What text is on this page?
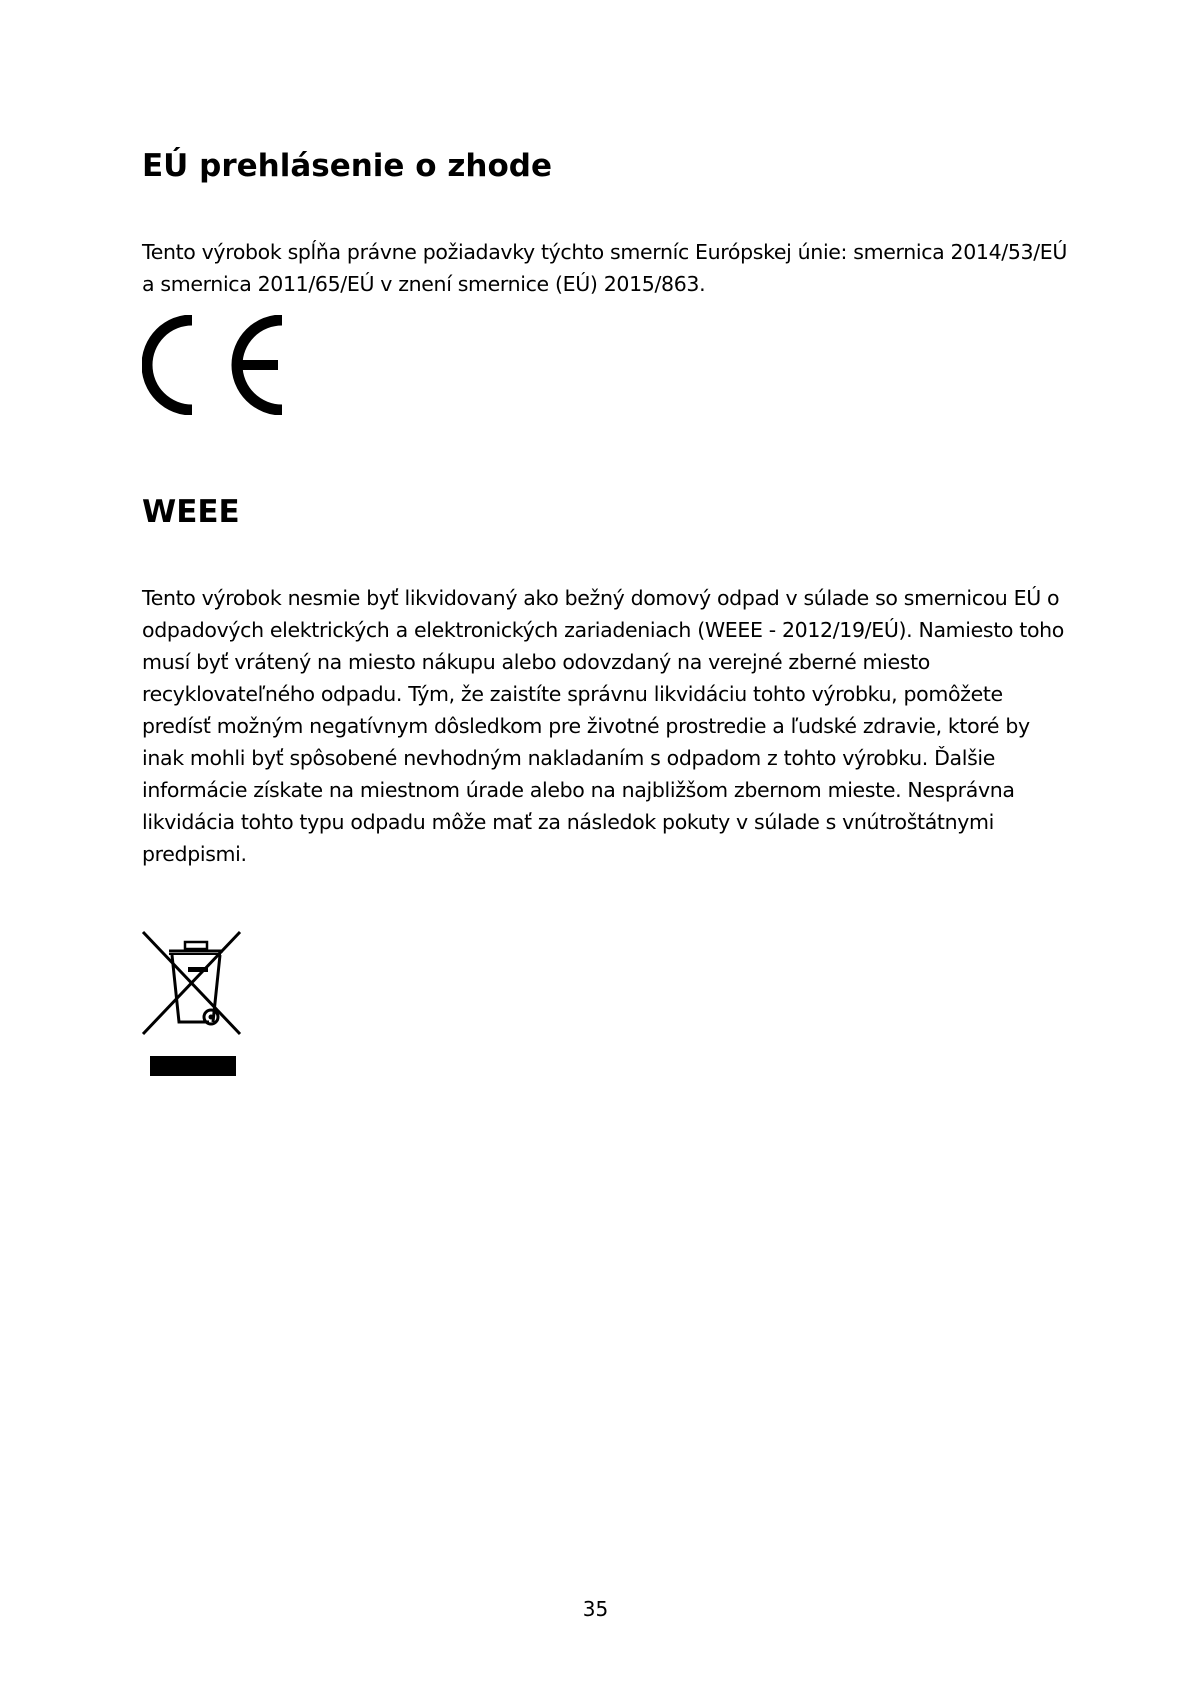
EÚ prehlásenie o zhode

Tento výrobok spĺňa právne požiadavky týchto smerníc Európskej únie: smernica 2014/53/EÚ
a smernica 2011/65/EÚ v znení smernice (EÚ) 2015/863.

WEEE

Tento výrobok nesmie byť likvidovaný ako bežný domový odpad v súlade so smernicou EÚ o
odpadových elektrických a elektronických zariadeniach (WEEE - 2012/19/EÚ). Namiesto toho
musí byť vrátený na miesto nákupu alebo odovzdaný na verejné zberné miesto
recyklovateľného odpadu. Tým, že zaistíte správnu likvidáciu tohto výrobku, pomôžete
predísť možným negatívnym dôsledkom pre životné prostredie a ľudské zdravie, ktoré by
inak mohli byť spôsobené nevhodným nakladaním s odpadom z tohto výrobku. Ďalšie
informácie získate na miestnom úrade alebo na najbližšom zbernom mieste. Nesprávna
likvidácia tohto typu odpadu môže mať za následok pokuty v súlade s vnútroštátnymi
predpismi.

35
